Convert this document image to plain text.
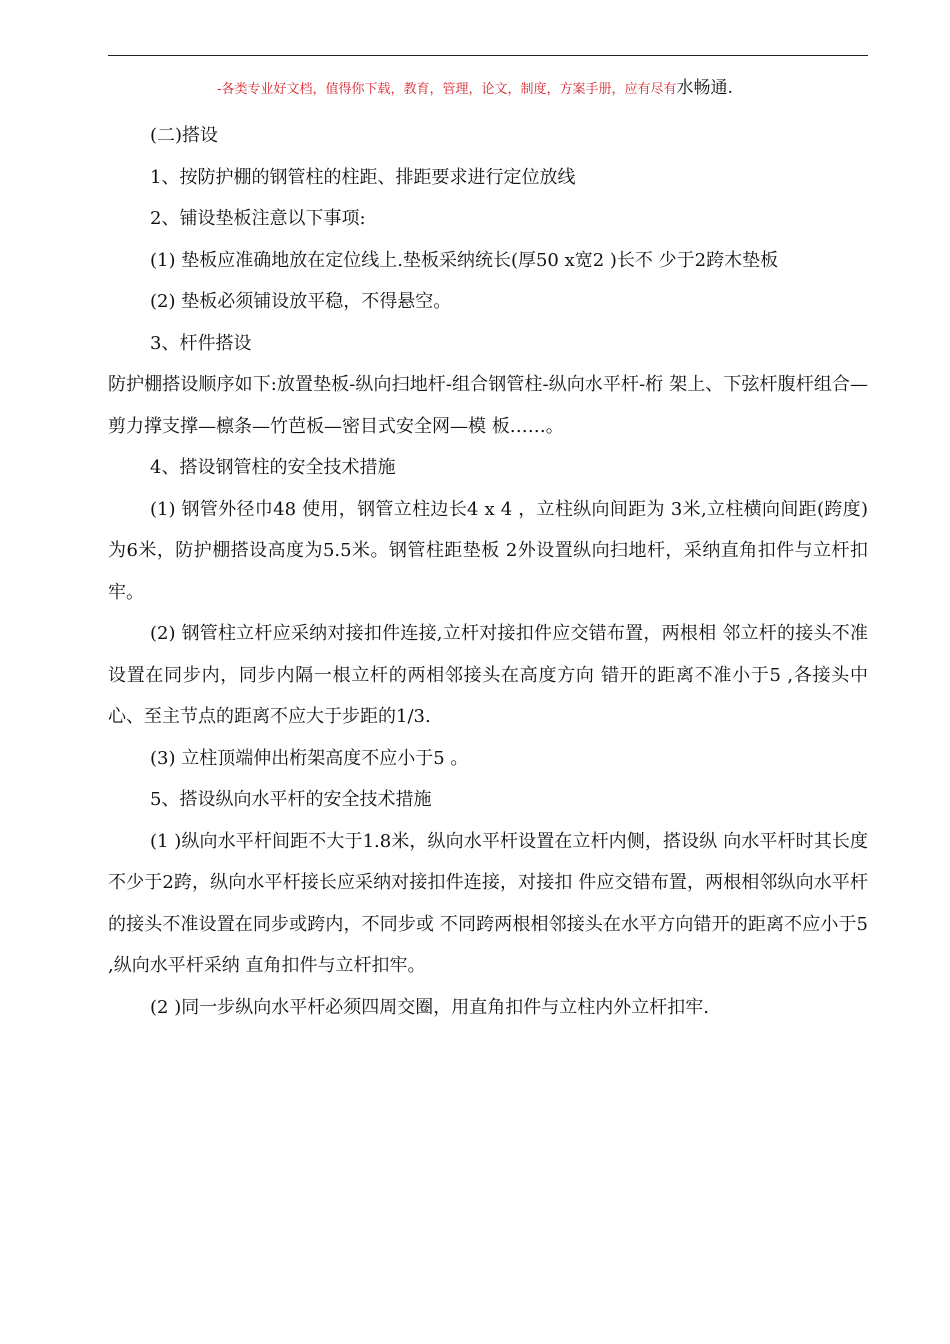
-各类专业好文档，值得你下载，教育，管理，论文，制度，方案手册，应有尽有水畅通.

(二)搭设

1、按防护棚的钢管柱的柱距、排距要求进行定位放线

2、铺设垫板注意以下事项:

(1) 垫板应准确地放在定位线上.垫板采纳统长(厚50 x宽2 )长不 少于2跨木垫板

(2) 垫板必须铺设放平稳，不得悬空。

3、杆件搭设

防护棚搭设顺序如下:放置垫板-纵向扫地杆-组合钢管柱-纵向水平杆-桁 架上、下弦杆腹杆组合—剪力撑支撑—檩条—竹芭板—密目式安全网—模 板……。

4、搭设钢管柱的安全技术措施

(1) 钢管外径巾48 使用，钢管立柱边长4 x 4 ，立柱纵向间距为 3米,立柱横向间距(跨度)为6米，防护棚搭设高度为5.5米。钢管柱距垫板 2外设置纵向扫地杆，采纳直角扣件与立杆扣牢。

(2) 钢管柱立杆应采纳对接扣件连接,立杆对接扣件应交错布置，两根相 邻立杆的接头不准设置在同步内，同步内隔一根立杆的两相邻接头在高度方向 错开的距离不准小于5 ,各接头中心、至主节点的距离不应大于步距的1/3.

(3) 立柱顶端伸出桁架高度不应小于5 。

5、搭设纵向水平杆的安全技术措施

(1 )纵向水平杆间距不大于1.8米，纵向水平杆设置在立杆内侧，搭设纵 向水平杆时其长度不少于2跨，纵向水平杆接长应采纳对接扣件连接，对接扣 件应交错布置，两根相邻纵向水平杆的接头不准设置在同步或跨内，不同步或 不同跨两根相邻接头在水平方向错开的距离不应小于5 ,纵向水平杆采纳 直角扣件与立杆扣牢。

(2 )同一步纵向水平杆必须四周交圈，用直角扣件与立柱内外立杆扣牢.
